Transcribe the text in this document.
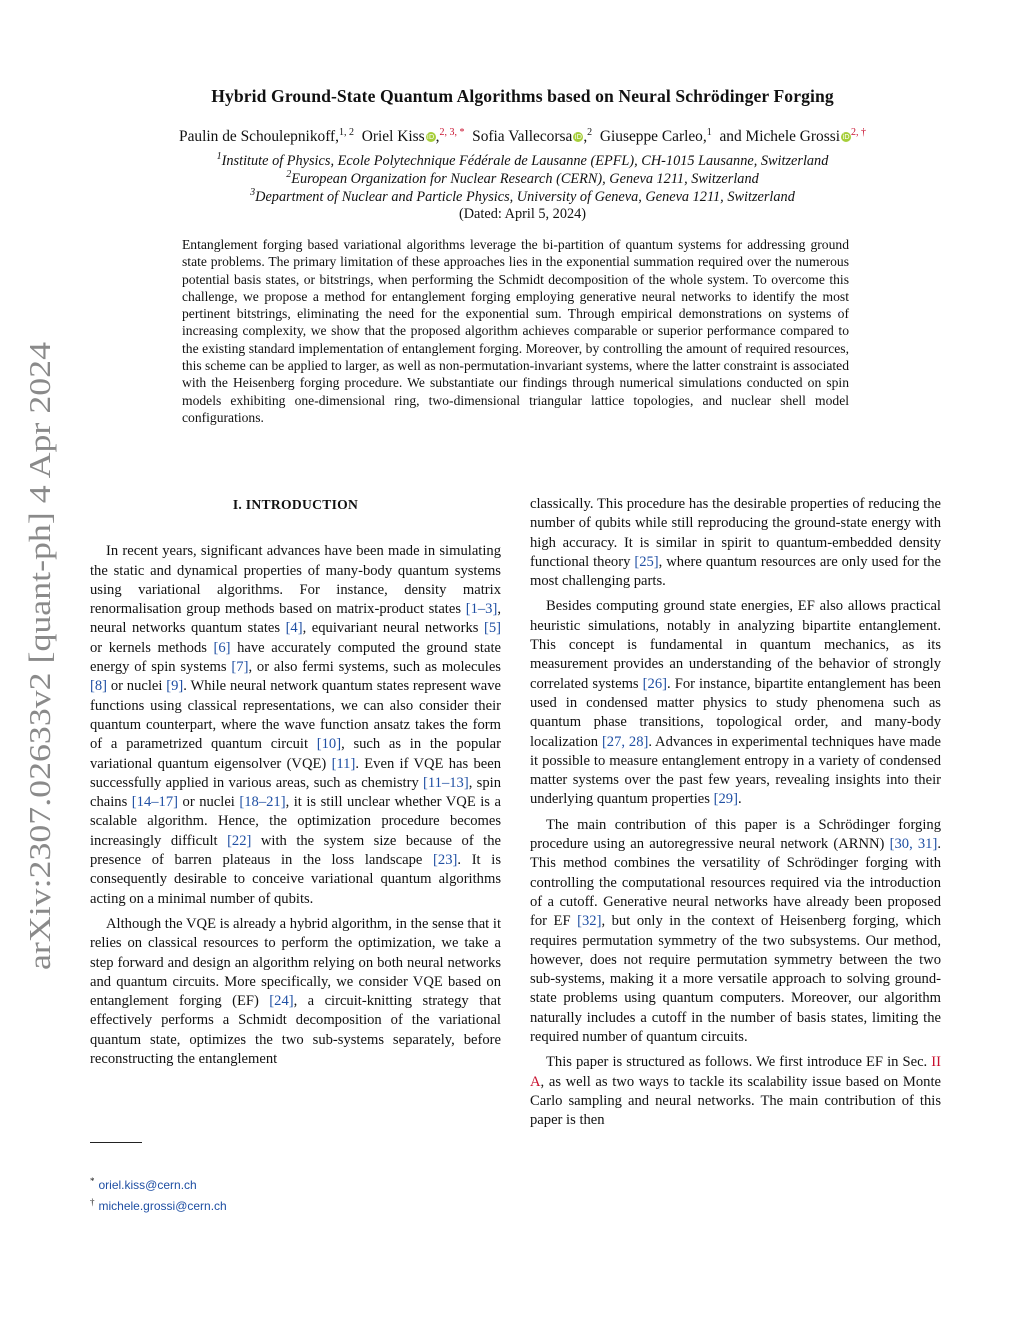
arXiv:2307.02633v2 [quant-ph] 4 Apr 2024
Hybrid Ground-State Quantum Algorithms based on Neural Schrödinger Forging
Paulin de Schoulepnikoff,$^{1, 2}$ Oriel Kiss iD,$^{2, 3, *}$ Sofia Vallecorsa iD,$^2$ Giuseppe Carleo,$^1$ and Michele Grossi $iD^{2, \dagger}$
$^1$Institute of Physics, Ecole Polytechnique Fédérale de Lausanne (EPFL), CH-1015 Lausanne, Switzerland
$^2$European Organization for Nuclear Research (CERN), Geneva 1211, Switzerland
$^3$Department of Nuclear and Particle Physics, University of Geneva, Geneva 1211, Switzerland
(Dated: April 5, 2024)
Entanglement forging based variational algorithms leverage the bi-partition of quantum systems for addressing ground state problems. The primary limitation of these approaches lies in the exponential summation required over the numerous potential basis states, or bitstrings, when performing the Schmidt decomposition of the whole system. To overcome this challenge, we propose a method for entanglement forging employing generative neural networks to identify the most pertinent bitstrings, eliminating the need for the exponential sum. Through empirical demonstrations on systems of increasing complexity, we show that the proposed algorithm achieves comparable or superior performance compared to the existing standard implementation of entanglement forging. Moreover, by controlling the amount of required resources, this scheme can be applied to larger, as well as non-permutation-invariant systems, where the latter constraint is associated with the Heisenberg forging procedure. We substantiate our findings through numerical simulations conducted on spin models exhibiting one-dimensional ring, two-dimensional triangular lattice topologies, and nuclear shell model configurations.
I. INTRODUCTION

In recent years, significant advances have been made in simulating the static and dynamical properties of many-body quantum systems using variational algorithms. For instance, density matrix renormalisation group methods based on matrix-product states [1–3], neural networks quantum states [4], equivariant neural networks [5] or kernels methods [6] have accurately computed the ground state energy of spin systems [7], or also fermi systems, such as molecules [8] or nuclei [9]. While neural network quantum states represent wave functions using classical representations, we can also consider their quantum counterpart, where the wave function ansatz takes the form of a parametrized quantum circuit [10], such as in the popular variational quantum eigensolver (VQE) [11]. Even if VQE has been successfully applied in various areas, such as chemistry [11–13], spin chains [14–17] or nuclei [18–21], it is still unclear whether VQE is a scalable algorithm. Hence, the optimization procedure becomes increasingly difficult [22] with the system size because of the presence of barren plateaus in the loss landscape [23]. It is consequently desirable to conceive variational quantum algorithms acting on a minimal number of qubits.

Although the VQE is already a hybrid algorithm, in the sense that it relies on classical resources to perform the optimization, we take a step forward and design an algorithm relying on both neural networks and quantum circuits. More specifically, we consider VQE based on entanglement forging (EF) [24], a circuit-knitting strategy that effectively performs a Schmidt decomposition of the variational quantum state, optimizes the two sub-systems separately, before reconstructing the entanglement

classically. This procedure has the desirable properties of reducing the number of qubits while still reproducing the ground-state energy with high accuracy. It is similar in spirit to quantum-embedded density functional theory [25], where quantum resources are only used for the most challenging parts.

Besides computing ground state energies, EF also allows practical heuristic simulations, notably in analyzing bipartite entanglement. This concept is fundamental in quantum mechanics, as its measurement provides an understanding of the behavior of strongly correlated systems [26]. For instance, bipartite entanglement has been used in condensed matter physics to study phenomena such as quantum phase transitions, topological order, and many-body localization [27, 28]. Advances in experimental techniques have made it possible to measure entanglement entropy in a variety of condensed matter systems over the past few years, revealing insights into their underlying quantum properties [29].

The main contribution of this paper is a Schrödinger forging procedure using an autoregressive neural network (ARNN) [30, 31]. This method combines the versatility of Schrödinger forging with controlling the computational resources required via the introduction of a cutoff. Generative neural networks have already been proposed for EF [32], but only in the context of Heisenberg forging, which requires permutation symmetry of the two subsystems. Our method, however, does not require permutation symmetry between the two sub-systems, making it a more versatile approach to solving ground-state problems using quantum computers. Moreover, our algorithm naturally includes a cutoff in the number of basis states, limiting the required number of quantum circuits.

This paper is structured as follows. We first introduce EF in Sec. II A, as well as two ways to tackle its scalability issue based on Monte Carlo sampling and neural networks. The main contribution of this paper is then

* oriel.kiss@cern.ch
† michele.grossi@cern.ch
